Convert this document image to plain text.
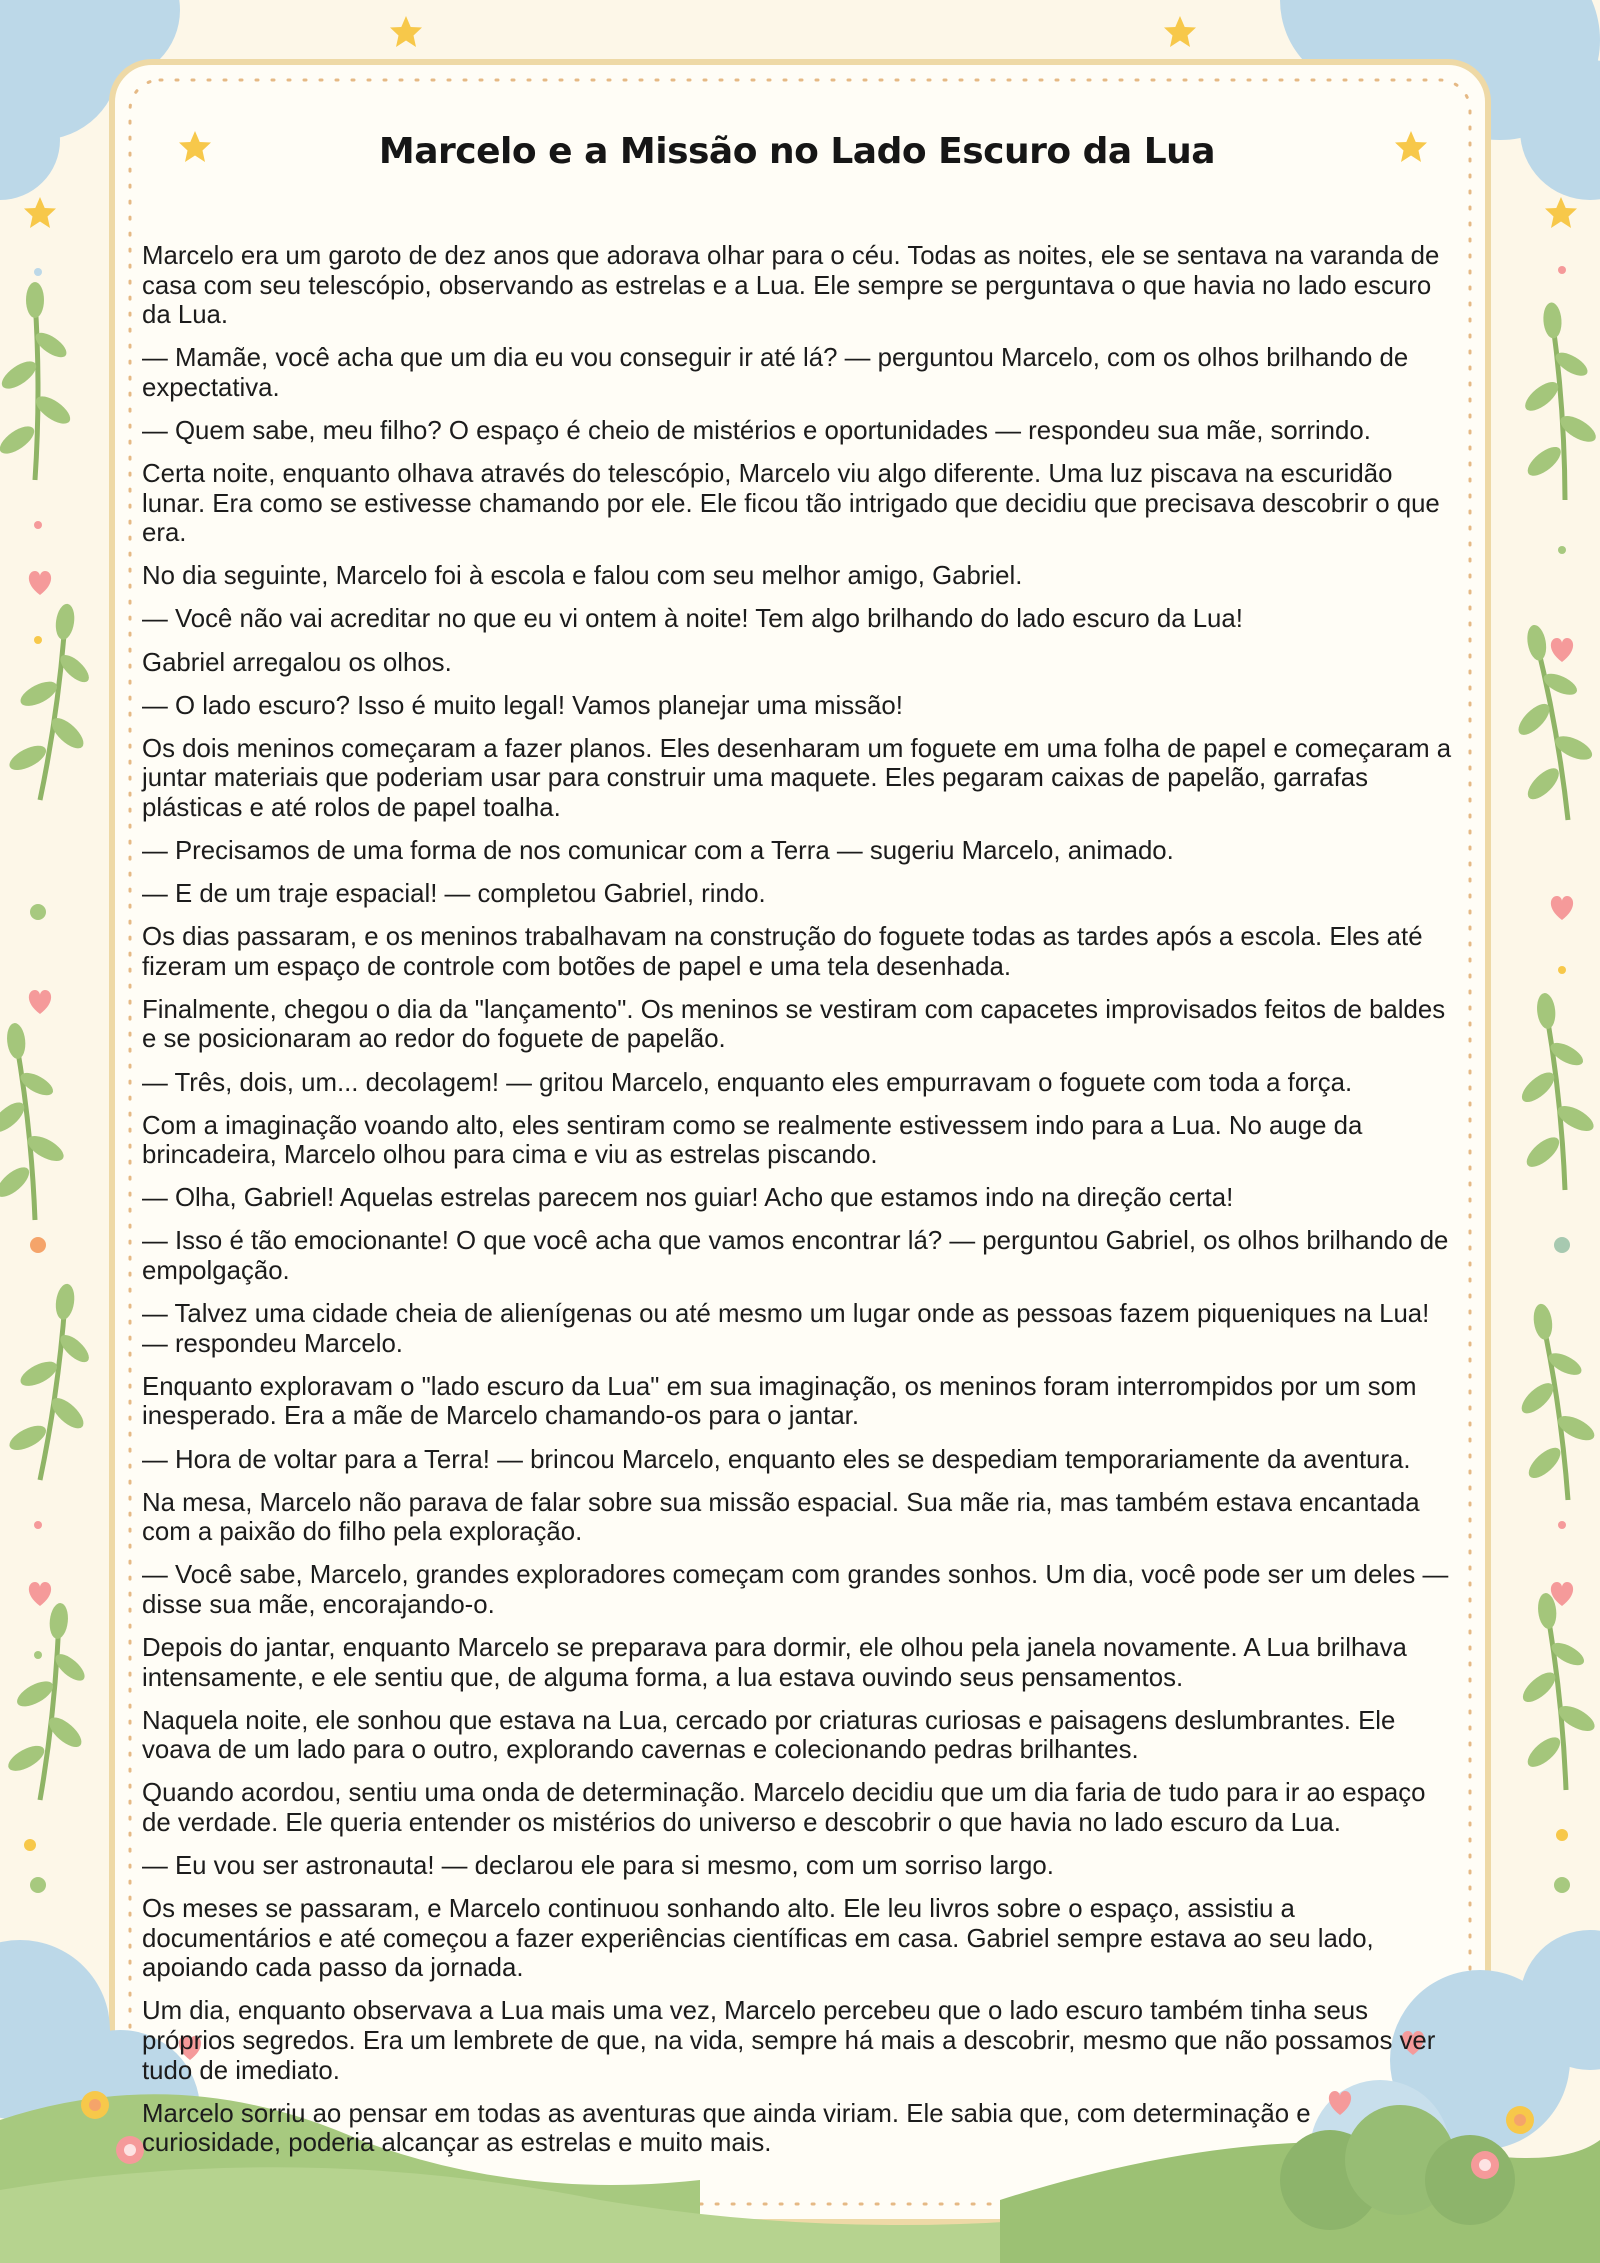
Marcelo e a Missão no Lado Escuro da Lua

Marcelo era um garoto de dez anos que adorava olhar para o céu. Todas as noites, ele se sentava na varanda de casa com seu telescópio, observando as estrelas e a Lua. Ele sempre se perguntava o que havia no lado escuro da Lua.

— Mamãe, você acha que um dia eu vou conseguir ir até lá? — perguntou Marcelo, com os olhos brilhando de expectativa.

— Quem sabe, meu filho? O espaço é cheio de mistérios e oportunidades — respondeu sua mãe, sorrindo.

Certa noite, enquanto olhava através do telescópio, Marcelo viu algo diferente. Uma luz piscava na escuridão lunar. Era como se estivesse chamando por ele. Ele ficou tão intrigado que decidiu que precisava descobrir o que era.

No dia seguinte, Marcelo foi à escola e falou com seu melhor amigo, Gabriel.

— Você não vai acreditar no que eu vi ontem à noite! Tem algo brilhando do lado escuro da Lua!

Gabriel arregalou os olhos.

— O lado escuro? Isso é muito legal! Vamos planejar uma missão!

Os dois meninos começaram a fazer planos. Eles desenharam um foguete em uma folha de papel e começaram a juntar materiais que poderiam usar para construir uma maquete. Eles pegaram caixas de papelão, garrafas plásticas e até rolos de papel toalha.

— Precisamos de uma forma de nos comunicar com a Terra — sugeriu Marcelo, animado.

— E de um traje espacial! — completou Gabriel, rindo.

Os dias passaram, e os meninos trabalhavam na construção do foguete todas as tardes após a escola. Eles até fizeram um espaço de controle com botões de papel e uma tela desenhada.

Finalmente, chegou o dia da "lançamento". Os meninos se vestiram com capacetes improvisados feitos de baldes e se posicionaram ao redor do foguete de papelão.

— Três, dois, um... decolagem! — gritou Marcelo, enquanto eles empurravam o foguete com toda a força.

Com a imaginação voando alto, eles sentiram como se realmente estivessem indo para a Lua. No auge da brincadeira, Marcelo olhou para cima e viu as estrelas piscando.

— Olha, Gabriel! Aquelas estrelas parecem nos guiar! Acho que estamos indo na direção certa!

— Isso é tão emocionante! O que você acha que vamos encontrar lá? — perguntou Gabriel, os olhos brilhando de empolgação.

— Talvez uma cidade cheia de alienígenas ou até mesmo um lugar onde as pessoas fazem piqueniques na Lua! — respondeu Marcelo.

Enquanto exploravam o "lado escuro da Lua" em sua imaginação, os meninos foram interrompidos por um som inesperado. Era a mãe de Marcelo chamando-os para o jantar.

— Hora de voltar para a Terra! — brincou Marcelo, enquanto eles se despediam temporariamente da aventura.

Na mesa, Marcelo não parava de falar sobre sua missão espacial. Sua mãe ria, mas também estava encantada com a paixão do filho pela exploração.

— Você sabe, Marcelo, grandes exploradores começam com grandes sonhos. Um dia, você pode ser um deles — disse sua mãe, encorajando-o.

Depois do jantar, enquanto Marcelo se preparava para dormir, ele olhou pela janela novamente. A Lua brilhava intensamente, e ele sentiu que, de alguma forma, a lua estava ouvindo seus pensamentos.

Naquela noite, ele sonhou que estava na Lua, cercado por criaturas curiosas e paisagens deslumbrantes. Ele voava de um lado para o outro, explorando cavernas e colecionando pedras brilhantes.

Quando acordou, sentiu uma onda de determinação. Marcelo decidiu que um dia faria de tudo para ir ao espaço de verdade. Ele queria entender os mistérios do universo e descobrir o que havia no lado escuro da Lua.

— Eu vou ser astronauta! — declarou ele para si mesmo, com um sorriso largo.

Os meses se passaram, e Marcelo continuou sonhando alto. Ele leu livros sobre o espaço, assistiu a documentários e até começou a fazer experiências científicas em casa. Gabriel sempre estava ao seu lado, apoiando cada passo da jornada.

Um dia, enquanto observava a Lua mais uma vez, Marcelo percebeu que o lado escuro também tinha seus próprios segredos. Era um lembrete de que, na vida, sempre há mais a descobrir, mesmo que não possamos ver tudo de imediato.

Marcelo sorriu ao pensar em todas as aventuras que ainda viriam. Ele sabia que, com determinação e curiosidade, poderia alcançar as estrelas e muito mais.
